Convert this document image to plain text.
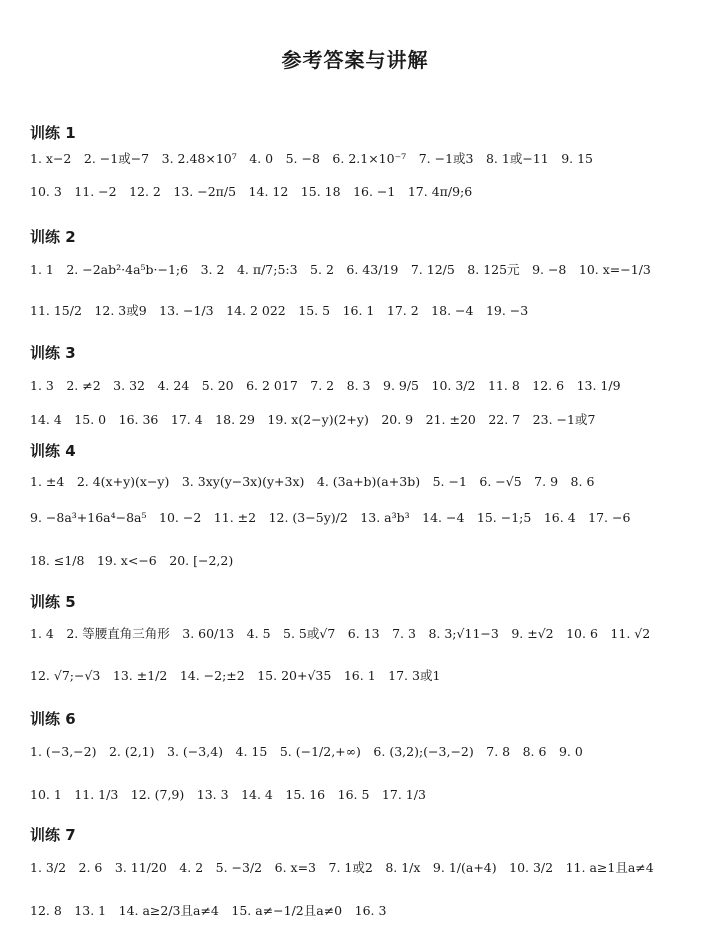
参考答案与讲解
训练 1
1. x−2　2. −1或−7　3. 2.48×10⁷　4. 0　5. −8　6. 2.1×10⁻⁷　7. −1或3　8. 1或−11　9. 15
10. 3　11. −2　12. 2　13. −2π/5　14. 12　15. 18　16. −1　17. 4π/9;6
训练 2
1. 1　2. −2ab²·4a⁵b·−1;6　3. 2　4. π/7;5:3　5. 2　6. 43/19　7. 12/5　8. 125元　9. −8　10. x=−1/3
11. 15/2　12. 3或9　13. −1/3　14. 2 022　15. 5　16. 1　17. 2　18. −4　19. −3
训练 3
1. 3　2. ≠2　3. 32　4. 24　5. 20　6. 2 017　7. 2　8. 3　9. 9/5　10. 3/2　11. 8　12. 6　13. 1/9
14. 4　15. 0　16. 36　17. 4　18. 29　19. x(2−y)(2+y)　20. 9　21. ±20　22. 7　23. −1或7
训练 4
1. ±4　2. 4(x+y)(x−y)　3. 3xy(y−3x)(y+3x)　4. (3a+b)(a+3b)　5. −1　6. −√5　7. 9　8. 6
9. −8a³+16a⁴−8a⁵　10. −2　11. ±2　12. (3−5y)/2　13. a³b³　14. −4　15. −1;5　16. 4　17. −6
18. ≤1/8　19. x<−6　20. [−2,2)
训练 5
1. 4　2. 等腰直角三角形　3. 60/13　4. 5　5. 5或√7　6. 13　7. 3　8. 3;√11−3　9. ±√2　10. 6　11. √2
12. √7;−√3　13. ±1/2　14. −2;±2　15. 20+√35　16. 1　17. 3或1
训练 6
1. (−3,−2)　2. (2,1)　3. (−3,4)　4. 15　5. (−1/2,+∞)　6. (3,2);(−3,−2)　7. 8　8. 6　9. 0
10. 1　11. 1/3　12. (7,9)　13. 3　14. 4　15. 16　16. 5　17. 1/3
训练 7
1. 3/2　2. 6　3. 11/20　4. 2　5. −3/2　6. x=3　7. 1或2　8. 1/x　9. 1/(a+4)　10. 3/2　11. a≥1且a≠4
12. 8　13. 1　14. a≥2/3且a≠4　15. a≠−1/2且a≠0　16. 3
